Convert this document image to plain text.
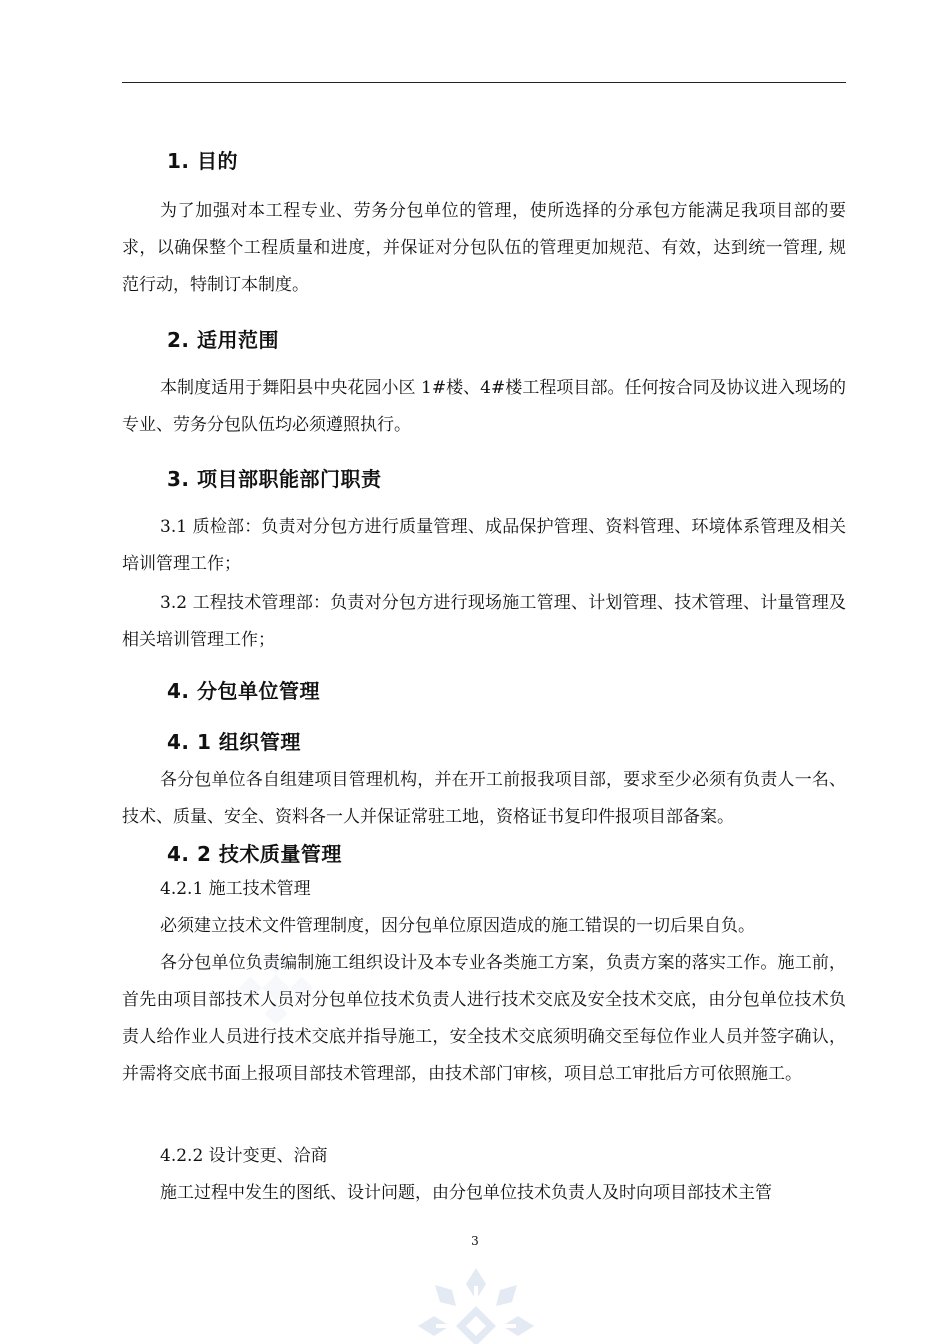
1. 目的

为了加强对本工程专业、劳务分包单位的管理，使所选择的分承包方能满足我项目部的要求，以确保整个工程质量和进度，并保证对分包队伍的管理更加规范、有效，达到统一管理, 规范行动，特制订本制度。

2. 适用范围

本制度适用于舞阳县中央花园小区 1#楼、4#楼工程项目部。任何按合同及协议进入现场的专业、劳务分包队伍均必须遵照执行。

3. 项目部职能部门职责

3.1 质检部：负责对分包方进行质量管理、成品保护管理、资料管理、环境体系管理及相关培训管理工作；

3.2 工程技术管理部：负责对分包方进行现场施工管理、计划管理、技术管理、计量管理及相关培训管理工作；

4. 分包单位管理
4. 1 组织管理

各分包单位各自组建项目管理机构，并在开工前报我项目部，要求至少必须有负责人一名、技术、质量、安全、资料各一人并保证常驻工地，资格证书复印件报项目部备案。

4. 2 技术质量管理

4.2.1 施工技术管理

必须建立技术文件管理制度，因分包单位原因造成的施工错误的一切后果自负。

各分包单位负责编制施工组织设计及本专业各类施工方案，负责方案的落实工作。施工前，首先由项目部技术人员对分包单位技术负责人进行技术交底及安全技术交底，由分包单位技术负责人给作业人员进行技术交底并指导施工，安全技术交底须明确交至每位作业人员并签字确认，并需将交底书面上报项目部技术管理部，由技术部门审核，项目总工审批后方可依照施工。

4.2.2 设计变更、洽商

施工过程中发生的图纸、设计问题，由分包单位技术负责人及时向项目部技术主管

3
